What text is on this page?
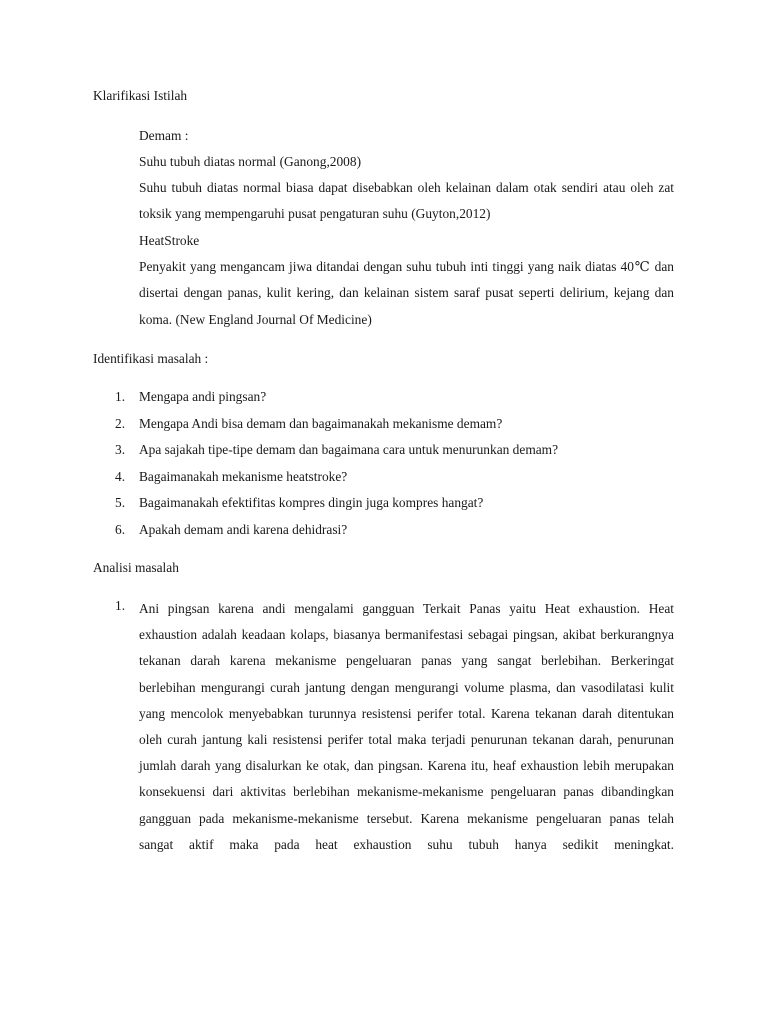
Klarifikasi Istilah
Demam :
Suhu tubuh diatas normal (Ganong,2008)
Suhu tubuh diatas normal biasa dapat disebabkan oleh kelainan dalam otak sendiri atau oleh zat toksik yang mempengaruhi pusat pengaturan suhu (Guyton,2012)
HeatStroke
Penyakit yang mengancam jiwa ditandai dengan suhu tubuh inti tinggi yang naik diatas 40℃ dan disertai dengan panas, kulit kering, dan kelainan sistem saraf pusat seperti delirium, kejang dan koma. (New England Journal Of Medicine)
Identifikasi masalah :
1.	Mengapa andi pingsan?
2.	Mengapa Andi bisa demam dan bagaimanakah mekanisme demam?
3.	Apa sajakah tipe-tipe demam dan bagaimana cara untuk menurunkan demam?
4.	Bagaimanakah mekanisme heatstroke?
5.	Bagaimanakah efektifitas kompres dingin juga kompres hangat?
6.	Apakah demam andi karena dehidrasi?
Analisi masalah
1. Ani pingsan karena andi mengalami gangguan Terkait Panas yaitu Heat exhaustion. Heat exhaustion adalah keadaan kolaps, biasanya bermanifestasi sebagai pingsan, akibat berkurangnya tekanan darah karena mekanisme pengeluaran panas yang sangat berlebihan. Berkeringat berlebihan mengurangi curah jantung dengan mengurangi volume plasma, dan vasodilatasi kulit yang mencolok menyebabkan turunnya resistensi perifer total. Karena tekanan darah ditentukan oleh curah jantung kali resistensi perifer total maka terjadi penurunan tekanan darah, penurunan jumlah darah yang disalurkan ke otak, dan pingsan. Karena itu, heaf exhaustion lebih merupakan konsekuensi dari aktivitas berlebihan mekanisme-mekanisme pengeluaran panas dibandingkan gangguan pada mekanisme-mekanisme tersebut. Karena mekanisme pengeluaran panas telah sangat aktif maka pada heat exhaustion suhu tubuh hanya sedikit meningkat.
